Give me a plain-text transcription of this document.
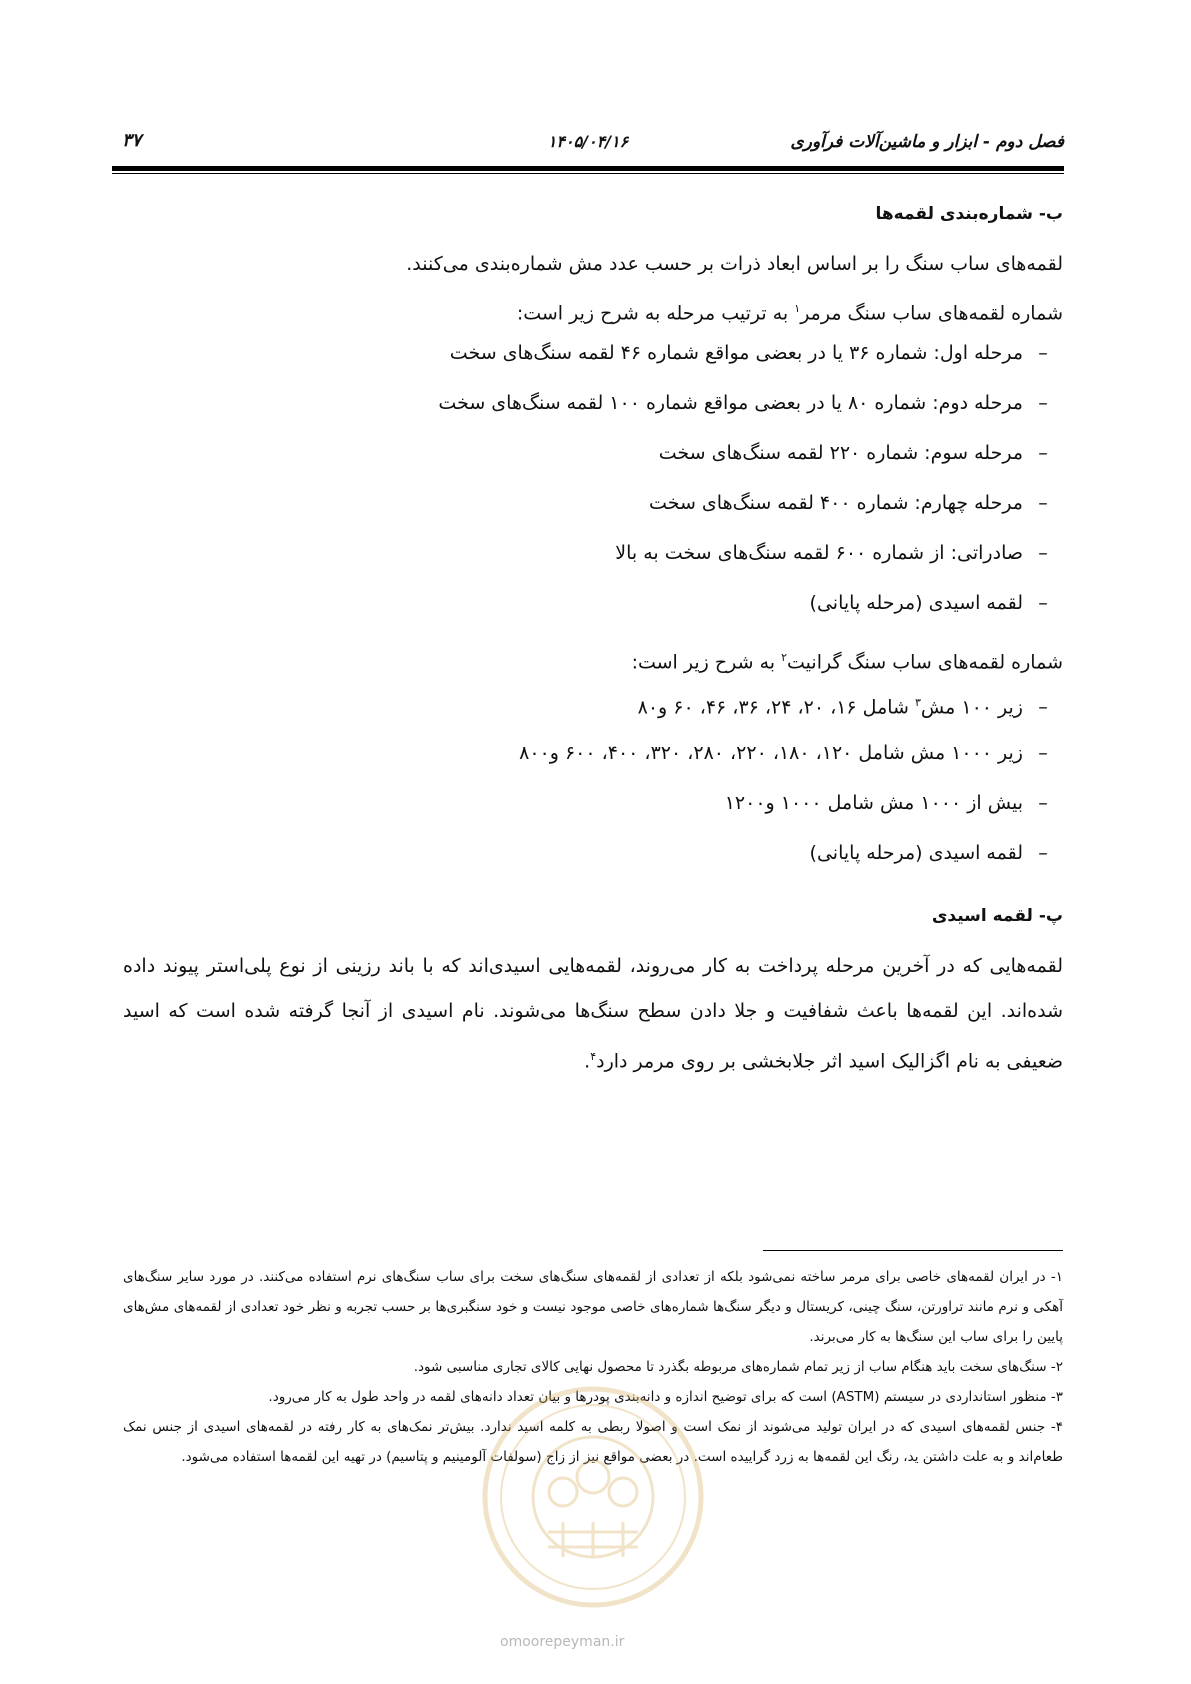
فصل دوم - ابزار و ماشین‌آلات فرآوری
۱۴۰۵/۰۴/۱۶
۳۷
ب- شماره‌بندی لقمه‌ها
لقمه‌های ساب سنگ را بر اساس ابعاد ذرات بر حسب عدد مش شماره‌بندی می‌کنند.
شماره لقمه‌های ساب سنگ مرمر$^۱$ به ترتیب مرحله به شرح زیر است:
–مرحله اول: شماره ۳۶ یا در بعضی مواقع شماره ۴۶ لقمه سنگ‌های سخت
–مرحله دوم: شماره ۸۰ یا در بعضی مواقع شماره ۱۰۰ لقمه سنگ‌های سخت
–مرحله سوم: شماره ۲۲۰ لقمه سنگ‌های سخت
–مرحله چهارم: شماره ۴۰۰ لقمه سنگ‌های سخت
–صادراتی: از شماره ۶۰۰ لقمه سنگ‌های سخت به بالا
–لقمه اسیدی (مرحله پایانی)
شماره لقمه‌های ساب سنگ گرانیت$^۲$ به شرح زیر است:
–زیر ۱۰۰ مش$^۳$ شامل ۱۶، ۲۰، ۲۴، ۳۶، ۴۶، ۶۰ و۸۰
–زیر ۱۰۰۰ مش شامل ۱۲۰، ۱۸۰، ۲۲۰، ۲۸۰، ۳۲۰، ۴۰۰، ۶۰۰ و۸۰۰
–بیش از ۱۰۰۰ مش شامل ۱۰۰۰ و۱۲۰۰
–لقمه اسیدی (مرحله پایانی)
پ- لقمه اسیدی
لقمه‌هایی که در آخرین مرحله پرداخت به کار می‌روند، لقمه‌هایی اسیدی‌اند که با باند رزینی از نوع پلی‌استر پیوند داده شده‌اند. این لقمه‌ها باعث شفافیت و جلا دادن سطح سنگ‌ها می‌شوند. نام اسیدی از آنجا گرفته شده است که اسید ضعیفی به نام اگزالیک اسید اثر جلابخشی بر روی مرمر دارد$^۴$.

۱- در ایران لقمه‌های خاصی برای مرمر ساخته نمی‌شود بلکه از تعدادی از لقمه‌های سنگ‌های سخت برای ساب سنگ‌های نرم استفاده می‌کنند. در مورد سایر سنگ‌های آهکی و نرم مانند تراورتن، سنگ چینی، کریستال و دیگر سنگ‌ها شماره‌های خاصی موجود نیست و خود سنگبری‌ها بر حسب تجربه و نظر خود تعدادی از لقمه‌های مش‌های پایین را برای ساب این سنگ‌ها به کار می‌برند.

۲- سنگ‌های سخت باید هنگام ساب از زیر تمام شماره‌های مربوطه بگذرد تا محصول نهایی کالای تجاری مناسبی شود.

۳- منظور استانداردی در سیستم (ASTM) است که برای توضیح اندازه و دانه‌بندی پودرها و بیان تعداد دانه‌های لقمه در واحد طول به کار می‌رود.

۴- جنس لقمه‌های اسیدی که در ایران تولید می‌شوند از نمک است و اصولا ربطی به کلمه اسید ندارد. بیش‌تر نمک‌های به کار رفته در لقمه‌های اسیدی از جنس نمک طعام‌اند و به علت داشتن ید، رنگ این لقمه‌ها به زرد گراییده است. در بعضی مواقع نیز از زاج (سولفات آلومینیم و پتاسیم) در تهیه این لقمه‌ها استفاده می‌شود.

omoorepeyman.ir
